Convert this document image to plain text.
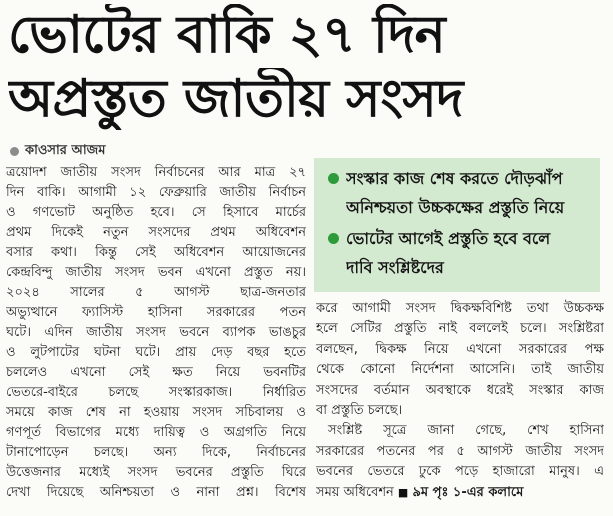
ভোটের বাকি ২৭ দিন
অপ্রস্তুত জাতীয় সংসদ
কাওসার আজম
ত্রয়োদশ জাতীয় সংসদ নির্বাচনের আর মাত্র ২৭
দিন বাকি। আগামী ১২ ফেব্রুয়ারি জাতীয় নির্বাচন
ও গণভোট অনুষ্ঠিত হবে। সে হিসাবে মার্চের
প্রথম দিকেই নতুন সংসদের প্রথম অধিবেশন
বসার কথা। কিন্তু সেই অধিবেশন আয়োজনের
কেন্দ্রবিন্দু জাতীয় সংসদ ভবন এখনো প্রস্তুত নয়।
২০২৪ সালের ৫ আগস্ট ছাত্র-জনতার
অভ্যুত্থানে ফ্যাসিস্ট হাসিনা সরকারের পতন
ঘটে। এদিন জাতীয় সংসদ ভবনে ব্যাপক ভাঙচুর
ও লুটপাটের ঘটনা ঘটে। প্রায় দেড় বছর হতে
চললেও এখনো সেই ক্ষত নিয়ে ভবনটির
ভেতরে-বাইরে চলছে সংস্কারকাজ। নির্ধারিত
সময়ে কাজ শেষ না হওয়ায় সংসদ সচিবালয় ও
গণপূর্ত বিভাগের মধ্যে দায়িত্ব ও অগ্রগতি নিয়ে
টানাপোড়েন চলছে। অন্য দিকে, নির্বাচনের
উত্তেজনার মধ্যেই সংসদ ভবনের প্রস্তুতি ঘিরে
দেখা দিয়েছে অনিশ্চয়তা ও নানা প্রশ্ন। বিশেষ
সংস্কার কাজ শেষ করতে দৌড়ঝাঁপ
অনিশ্চয়তা উচ্চকক্ষের প্রস্তুতি নিয়ে
ভোটের আগেই প্রস্তুতি হবে বলে
দাবি সংশ্লিষ্টদের
করে আগামী সংসদ দ্বিকক্ষবিশিষ্ট তথা উচ্চকক্ষ
হলে সেটির প্রস্তুতি নাই বললেই চলে। সংশ্লিষ্টরা
বলছেন, দ্বিকক্ষ নিয়ে এখনো সরকারের পক্ষ
থেকে কোনো নির্দেশনা আসেনি। তাই জাতীয়
সংসদের বর্তমান অবস্থাকে ধরেই সংস্কার কাজ
বা প্রস্তুতি চলছে।
সংশ্লিষ্ট সূত্রে জানা গেছে, শেখ হাসিনা
সরকারের পতনের পর ৫ আগস্ট জাতীয় সংসদ
ভবনের ভেতরে ঢুকে পড়ে হাজারো মানুষ। এ
সময় অধিবেশন ■ ৯ম পৃঃ ১-এর কলামে
